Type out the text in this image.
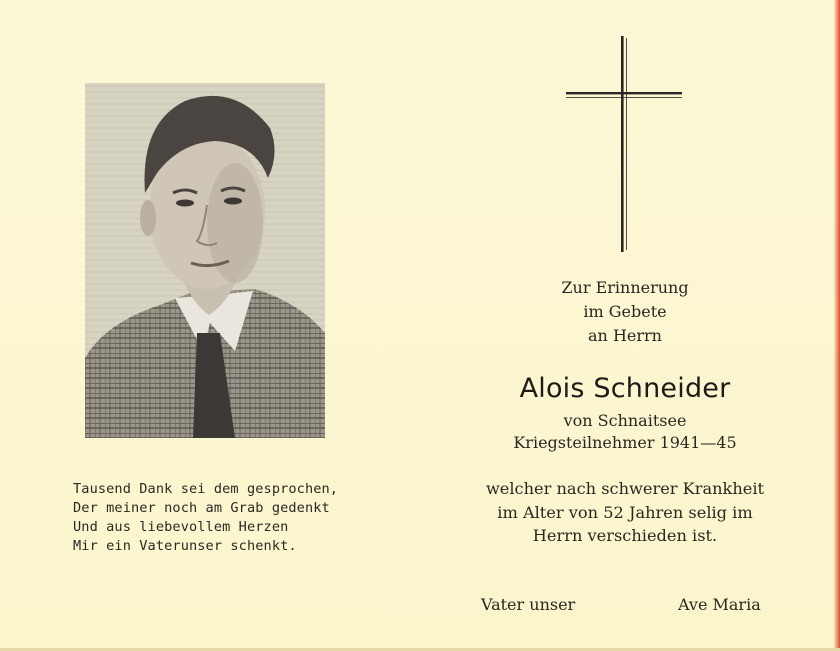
Tausend Dank sei dem gesprochen,
Der meiner noch am Grab gedenkt
Und aus liebevollem Herzen
Mir ein Vaterunser schenkt.
Zur Erinnerung
im Gebete
an Herrn
Alois Schneider
von Schnaitsee
Kriegsteilnehmer 1941—45
welcher nach schwerer Krankheit
im Alter von 52 Jahren selig im
Herrn verschieden ist.
Vater unser	Ave Maria
